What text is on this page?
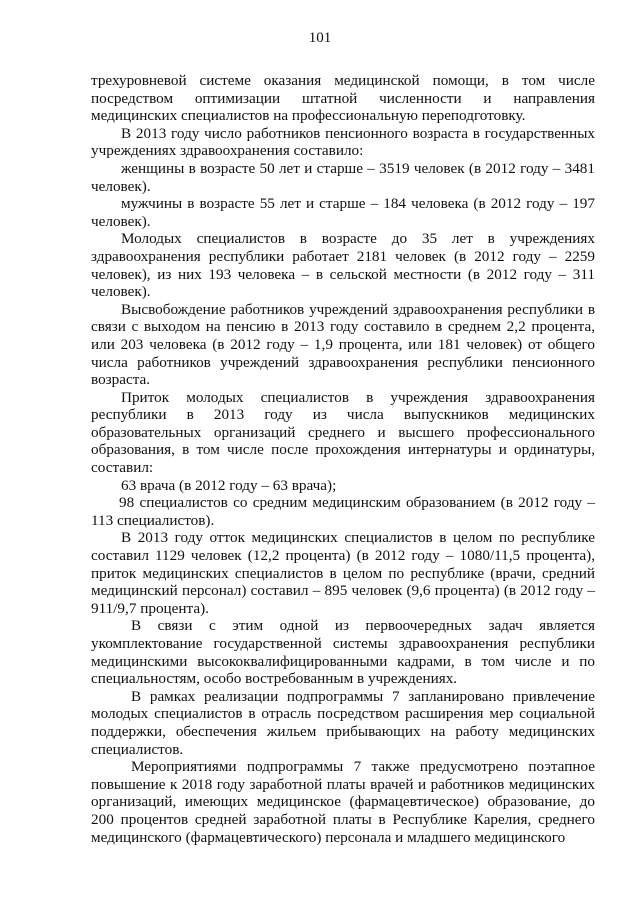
101

трехуровневой системе оказания медицинской помощи, в том числе посредством оптимизации штатной численности и направления медицинских специалистов на профессиональную переподготовку.

В 2013 году число работников пенсионного возраста в государственных учреждениях здравоохранения составило:

женщины в возрасте 50 лет и старше – 3519 человек (в 2012 году – 3481 человек).

мужчины в возрасте 55 лет и старше – 184 человека (в 2012 году – 197 человек).

Молодых специалистов в возрасте до 35 лет в учреждениях здравоохранения республики работает 2181 человек (в 2012 году – 2259 человек), из них 193 человека – в сельской местности (в 2012 году – 311 человек).

Высвобождение работников учреждений здравоохранения республики в связи с выходом на пенсию в 2013 году составило в среднем 2,2 процента, или 203 человека (в 2012 году – 1,9 процента, или 181 человек) от общего числа работников учреждений здравоохранения республики пенсионного возраста.

Приток молодых специалистов в учреждения здравоохранения республики в 2013 году из числа выпускников медицинских образовательных организаций среднего и высшего профессионального образования, в том числе после прохождения интернатуры и ординатуры, составил:

63 врача (в 2012 году – 63 врача);

98 специалистов со средним медицинским образованием (в 2012 году – 113 специалистов).

В 2013 году отток медицинских специалистов в целом по республике составил 1129 человек (12,2 процента) (в 2012 году – 1080/11,5 процента), приток медицинских специалистов в целом по республике (врачи, средний медицинский персонал) составил – 895 человек (9,6 процента) (в 2012 году – 911/9,7 процента).

В связи с этим одной из первоочередных задач является укомплектование государственной системы здравоохранения республики медицинскими высококвалифицированными кадрами, в том числе и по специальностям, особо востребованным в учреждениях.

В рамках реализации подпрограммы 7 запланировано привлечение молодых специалистов в отрасль посредством расширения мер социальной поддержки, обеспечения жильем прибывающих на работу медицинских специалистов.

Мероприятиями подпрограммы 7 также предусмотрено поэтапное повышение к 2018 году заработной платы врачей и работников медицинских организаций, имеющих медицинское (фармацевтическое) образование, до 200 процентов средней заработной платы в Республике Карелия, среднего медицинского (фармацевтического) персонала и младшего медицинского
